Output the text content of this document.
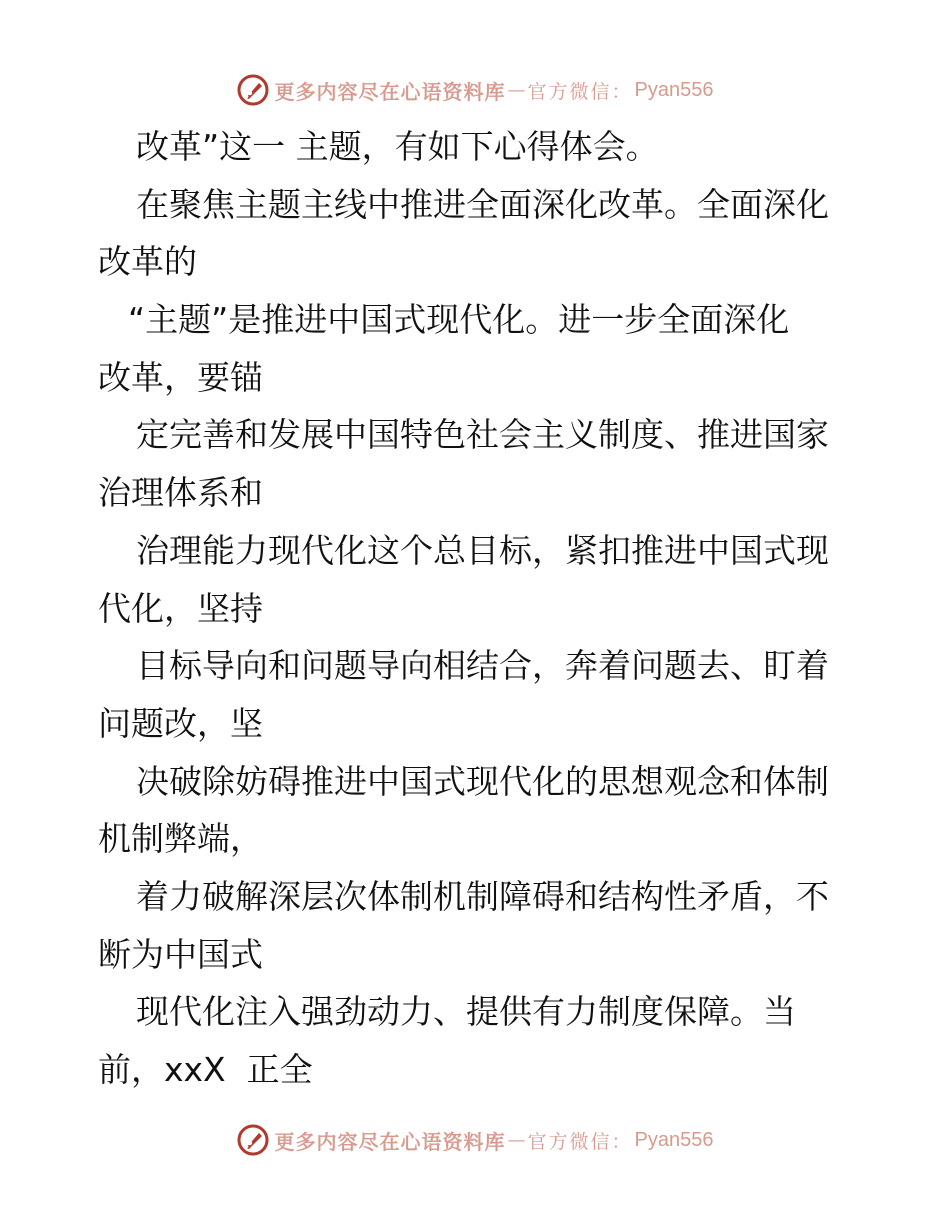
更多内容尽在心语资料库 — 官方微信： Pyan556
改革”这一 主题，有如下心得体会。
在聚焦主题主线中推进全面深化改革。全面深化
改革的
“主题”是推进中国式现代化。进一步全面深化
改革，要锚
定完善和发展中国特色社会主义制度、推进国家
治理体系和
治理能力现代化这个总目标，紧扣推进中国式现
代化，坚持
目标导向和问题导向相结合，奔着问题去、盯着
问题改，坚
决破除妨碍推进中国式现代化的思想观念和体制
机制弊端，
着力破解深层次体制机制障碍和结构性矛盾，不
断为中国式
现代化注入强劲动力、提供有力制度保障。当
前，xxX  正全
更多内容尽在心语资料库 — 官方微信： Pyan556
